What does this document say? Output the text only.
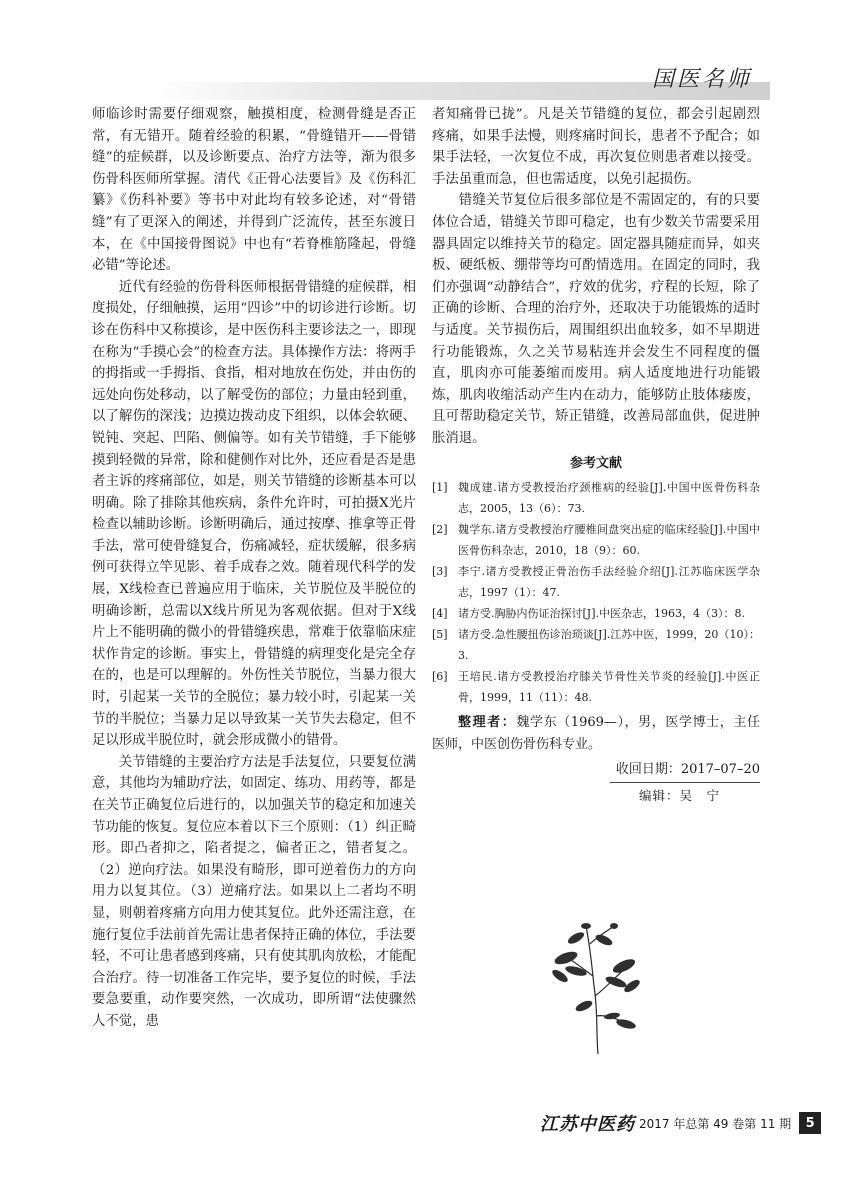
国医名师

师临诊时需要仔细观察，触摸相度，检测骨缝是否正常，有无错开。随着经验的积累，“骨缝错开——骨错缝”的症候群，以及诊断要点、治疗方法等，渐为很多伤骨科医师所掌握。清代《正骨心法要旨》及《伤科汇纂》《伤科补要》等书中对此均有较多论述，对“骨错缝”有了更深入的阐述，并得到广泛流传，甚至东渡日本，在《中国接骨图说》中也有“若脊椎筋隆起，骨缝必错”等论述。

近代有经验的伤骨科医师根据骨错缝的症候群，相度损处，仔细触摸，运用“四诊”中的切诊进行诊断。切诊在伤科中又称摸诊，是中医伤科主要诊法之一，即现在称为“手摸心会”的检查方法。具体操作方法：将两手的拇指或一手拇指、食指，相对地放在伤处，并由伤的远处向伤处移动，以了解受伤的部位；力量由轻到重，以了解伤的深浅；边摸边拨动皮下组织，以体会软硬、锐钝、突起、凹陷、侧偏等。如有关节错缝，手下能够摸到轻微的异常，除和健侧作对比外，还应看是否是患者主诉的疼痛部位，如是，则关节错缝的诊断基本可以明确。除了排除其他疾病，条件允许时，可拍摄X光片检查以辅助诊断。诊断明确后，通过按摩、推拿等正骨手法，常可使骨缝复合，伤痛减轻，症状缓解，很多病例可获得立竿见影、着手成春之效。随着现代科学的发展，X线检查已普遍应用于临床，关节脱位及半脱位的明确诊断，总需以X线片所见为客观依据。但对于X线片上不能明确的微小的骨错缝疾患，常难于依靠临床症状作肯定的诊断。事实上，骨错缝的病理变化是完全存在的，也是可以理解的。外伤性关节脱位，当暴力很大时，引起某一关节的全脱位；暴力较小时，引起某一关节的半脱位；当暴力足以导致某一关节失去稳定，但不足以形成半脱位时，就会形成微小的错骨。

关节错缝的主要治疗方法是手法复位，只要复位满意，其他均为辅助疗法，如固定、练功、用药等，都是在关节正确复位后进行的，以加强关节的稳定和加速关节功能的恢复。复位应本着以下三个原则：（1）纠正畸形。即凸者抑之，陷者提之，偏者正之，错者复之。（2）逆向疗法。如果没有畸形，即可逆着伤力的方向用力以复其位。（3）逆痛疗法。如果以上二者均不明显，则朝着疼痛方向用力使其复位。此外还需注意，在施行复位手法前首先需让患者保持正确的体位，手法要轻，不可让患者感到疼痛，只有使其肌肉放松，才能配合治疗。待一切准备工作完毕，要予复位的时候，手法要急要重，动作要突然，一次成功，即所谓“法使骤然人不觉，患

者知痛骨已拢”。凡是关节错缝的复位，都会引起剧烈疼痛，如果手法慢，则疼痛时间长，患者不予配合；如果手法轻，一次复位不成，再次复位则患者难以接受。手法虽重而急，但也需适度，以免引起损伤。

错缝关节复位后很多部位是不需固定的，有的只要体位合适，错缝关节即可稳定，也有少数关节需要采用器具固定以维持关节的稳定。固定器具随症而异，如夹板、硬纸板、绷带等均可酌情选用。在固定的同时，我们亦强调“动静结合”，疗效的优劣，疗程的长短，除了正确的诊断、合理的治疗外，还取决于功能锻炼的适时与适度。关节损伤后，周围组织出血较多，如不早期进行功能锻炼，久之关节易粘连并会发生不同程度的僵直，肌肉亦可能萎缩而废用。病人适度地进行功能锻炼，肌肉收缩活动产生内在动力，能够防止肢体痿废，且可帮助稳定关节，矫正错缝，改善局部血供，促进肿胀消退。

参考文献
[1] 魏成建.诸方受教授治疗颈椎病的经验[J].中国中医骨伤科杂志，2005，13（6）：73.
[2] 魏学东.诸方受教授治疗腰椎间盘突出症的临床经验[J].中国中医骨伤科杂志，2010，18（9）：60.
[3] 李宁.诸方受教授正骨治伤手法经验介绍[J].江苏临床医学杂志，1997（1）：47.
[4] 诸方受.胸胁内伤证治探讨[J].中医杂志，1963，4（3）：8.
[5] 诸方受.急性腰扭伤诊治琐谈[J].江苏中医，1999，20（10）：3.
[6] 王培民.诸方受教授治疗膝关节骨性关节炎的经验[J].中医正骨，1999，11（11）：48.
整理者：魏学东（1969—），男，医学博士，主任医师，中医创伤骨伤科专业。
收回日期：2017–07–20
编辑：吴　宁
江苏中医药 2017 年总第 49 卷第 11 期	5
